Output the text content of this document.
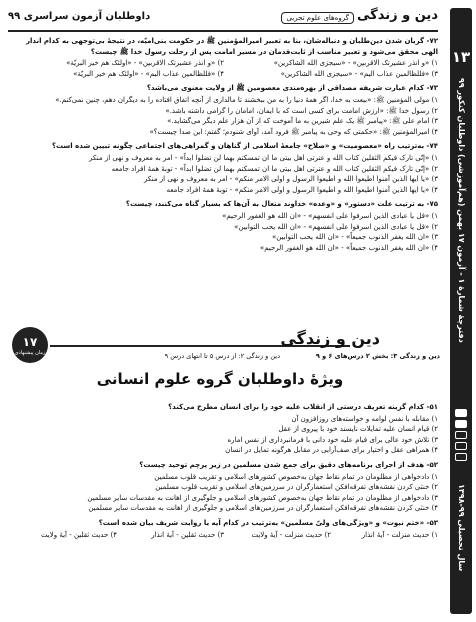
دین و زندگی
گروه‌های علوم تجربی
داوطلبان آزمون سراسری ۹۹

۷۲- گریان شدن دین‌طلبان و دنباله‌شان، بنا به تعبیر امیرالمؤمنین ﷺ در حکومت بنی‌امیّه، در نتیجهٔ بی‌توجهی به کدام اندار الهی محقق می‌شود و تعبیر مناسب از ثابت‌قدمان در مسیر امامت پس از رحلت رسول خدا ﷺ چیست؟

۱) «و انذر عشیرتک الاقربین» - «سیجزی الله الشاکرین»

۲) «و انذر عشیرتک الاقربین» - «اولئک هم خیر البریّة»

۳) «فللظالمین عذاب الیم» - «سیجزی الله الشاکرین»

۴) «فللظالمین عذاب الیم» - «اولئک هم خیر البریّة»

۷۳- کدام عبارت شریفه مصداقی از بهره‌مندی معصومین ﷺ از ولایت معنوی می‌باشد؟

۱) مولی المؤمنین ﷺ: «بیعت به خدا، اگر همهٔ دنیا را به من ببخشند تا مالداری از آنچه اتفاق افتاده را به دیگران دهم، چنین نمی‌کنم.»

۲) رسول خدا ﷺ: «ارزش امامت برای کسی است که با ایمان، امامان را گرامی داشته باشد.»

۳) امام علی ﷺ: «پیامبر ﷺ یک علم شیرین به ما آموخت که از آن هزار علم دیگر می‌گشاید.»

۴) امیرالمؤمنین ﷺ: «حکمتی که وحی به پیامبر ﷺ فرود آمد، آوای شنودم؛ گفتم: این صدا چیست؟»

۷۴- به‌ترتیب راه «معصومیت» و «صلاح» جامعهٔ اسلامی از گناهان و گمراهی‌های اجتماعی چگونه تبیین شده است؟

۱) «إنّی تارک فیکم الثقلین کتاب الله و عترتی اهل بیتی ما ان تمسکتم بهما لن تضلوا ابداً» - امر به معروف و نهی از منکر

۲) «إنّی تارک فیکم الثقلین کتاب الله و عترتی اهل بیتی ما ان تمسکتم بهما لن تضلوا ابداً» - توبهٔ همهٔ افراد جامعه

۳) «یا ایها الذین آمنوا اطیعوا الله و اطیعوا الرسول و اولی الامر منکم» - امر به معروف و نهی از منکر

۴) «یا ایها الذین آمنوا اطیعوا الله و اطیعوا الرسول و اولی الامر منکم» - توبهٔ همهٔ افراد جامعه

۷۵- به ترتیب علت «دستور» و «وعده» خداوند متعال به آن‌ها که بسیار گناه می‌کنند، چیست؟

۱) «قل یا عبادی الذین اسرفوا علی انفسهم» - «ان الله هو الغفور الرحیم»

۲) «قل یا عبادی الذین اسرفوا علی انفسهم» - «ان الله یحب التوابین»

۳) «ان الله یغفر الذنوب جمیعاً» - «ان الله یحب التوابین»

۴) «ان الله یغفر الذنوب جمیعاً» - «ان الله هو الغفور الرحیم»

۱۷
زمان پیشنهادی
دین و زندگی
دین و زندگی ۳: بخش ۲ درس‌های ۶ و ۹
دین و زندگی ۲: از درس ۵ تا انتهای درس ۹
ویژهٔ داوطلبان گروه علوم انسانی

۵۱- کدام گزینه تعریف درستی از انقلاب علیه خود را برای انسان مطرح می‌کند؟

۱) مقابله با نفس لوامه و خواسته‌های روزافزون آن

۲) قیام انسان علیه تمایلات نایسند خود با پیروی از عقل

۳) تلاش خود عالی برای قیام علیه خود دانی با فرمانبرداری از نفس اماره

۴) همراهی عقل و اختیار برای صف‌آرایی در مقابل هرگونه تمایل در انسان

۵۲- هدف از اجرای برنامه‌های دقیق برای جمع شدن مسلمین در زیر پرچم توحید چیست؟

۱) دادخواهی از مظلومان در تمام نقاط جهان به‌خصوص کشورهای اسلامی و تقریب قلوب مسلمین

۲) خنثی کردن نقشه‌های تفرقه‌افکن استعمارگران در سرزمین‌های اسلامی و تقریب قلوب مسلمین

۳) دادخواهی از مظلومان در تمام نقاط جهان به‌خصوص کشورهای اسلامی و جلوگیری از اهانت به مقدسات سایر مسلمین

۴) خنثی کردن نقشه‌های تفرقه‌افکن استعمارگران در سرزمین‌های اسلامی و جلوگیری از اهانت به مقدسات سایر مسلمین

۵۳- «ختم نبوت» و «ویژگی‌های ولیّ مسلمین» به‌ترتیب در کدام آیه یا روایت شریف بیان شده است؟

۱) حدیث منزلت - آیهٔ انذار

۲) حدیث منزلت - آیهٔ ولایت

۳) حدیث ثقلین - آیهٔ انذار

۴) حدیث ثقلین - آیهٔ ولایت

۱۳
دفترچهٔ شمارهٔ ۱ - آزمون ۱۷ بهمن (هم‌آموزشی) داوطلبان کنکور ۹۹
سال تحصیلی ۹۹-۱۳۹۸
